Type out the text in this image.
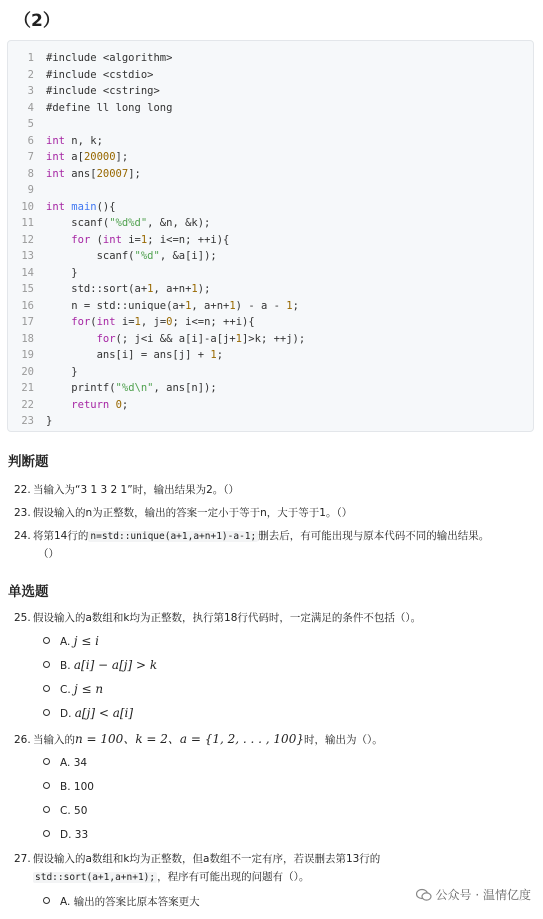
（2）
1 #include <algorithm>
2 #include <cstdio>
3 #include <cstring>
4 #define ll long long
5
6 int n, k;
7 int a[20000];
8 int ans[20007];
9
10 int main(){
11    scanf("%d%d", &n, &k);
12	for (int i=1; i<=n; ++i){
13        scanf("%d", &a[i]);
14    }
15    std::sort(a+1, a+n+1);
16    n = std::unique(a+1, a+n+1) - a - 1;
17	for(int i=1, j=0; i<=n; ++i){
18	for(; j<i && a[i]-a[j+1]>k; ++j);
19        ans[i] = ans[j] + 1;
20    }
21    printf("%d\n", ans[n]);
22	return 0;
23 }
判断题
22. 当输入为“3 1 3 2 1”时，输出结果为2。（）
23. 假设输入的n为正整数，输出的答案一定小于等于n，大于等于1。（）
24. 将第14行的 n=std::unique(a+1,a+n+1)-a-1; 删去后，有可能出现与原本代码不同的输出结果。
（）
单选题
25. 假设输入的a数组和k均为正整数，执行第18行代码时，一定满足的条件不包括（）。
A. j ≤ i
B. a[i] − a[j] > k
C. j ≤ n
D. a[j] < a[i]
26. 当输入的n = 100、k = 2、a = {1, 2, . . . , 100}时，输出为（）。
A. 34
B. 100
C. 50
D. 33
27. 假设输入的a数组和k均为正整数，但a数组不一定有序，若误删去第13行的
std::sort(a+1,a+n+1); ，程序有可能出现的问题有（）。
A. 输出的答案比原本答案更大	公众号 · 温情亿度
